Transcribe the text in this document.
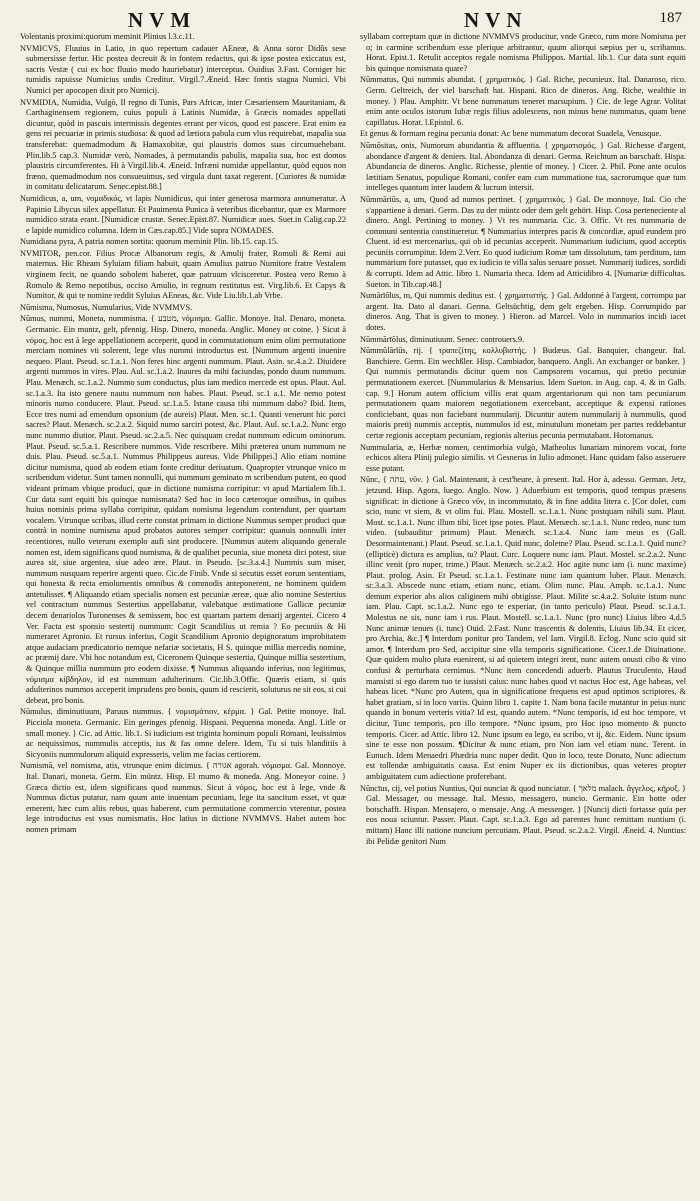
NVM	NVN	187

Volentanis proximi:quorum meminit Plinius l.3.c.11.

NVMICVS, Fluuius in Latio, in quo repertum cadauer AEneæ, & Anna soror Didûs sese submersisse fertur. Hic postea decreuit & in fontem redactus, qui & ipse postea exiccatus est, sacris Vestæ ( cui ex hoc fluuio modo hauriebatur) interceptus. Ouidius 3.Fast. Corniger hic tumidis rapuisse Numicius undis Creditur. Virgil.7.Æneid. Hæc fontis stagna Numici. Vbi Numici per apocopen dixit pro Numicij.

NVMIDIA, Numidia, Vulgò, Il regno di Tunis, Pars Africæ, inter Cæsariensem Mauritaniam, & Carthaginensem regionem, cuius populi à Latinis Numidæ, à Græcis nomades appellati dicuntur, quòd in pascuis intermissis degentes errant per vicos, quod est pascere. Erat enim ea gens rei pecuariæ in primis studiosa: & quod ad lætiora pabula cum vlus requirebat, mapalia sua transferebat: quemadmodum & Hamaxobitæ, qui plaustris domos suas circumuehebant. Plin.lib.5 cap.3. Numidæ verò, Nomades, à permutandis pabulis, mapalia sua, hoc est domos plaustris circumferentes. Hi à Virgil.lib.4. Æneid. Infræni numidæ appellantur, quòd equos non fræno, quemadmodum nos consueuimus, sed virgula dunt taxat regerent. [Curiores & numidæ in comitatu delicatarum. Senec.epist.88.]

Numidicus, a, um, νομαδικός, vt lapis Numidicus, qui inter generosa marmora annumeratur. A Papinio Libycus silex appellatur. Et Pauimenta Punica à veteribus dicebantur, quæ ex Marmore numidico strata erant. [Numidicæ crustæ. Senec.Epist.87. Numidicæ aues. Suet.in Calig.cap.22 e lapide numidico columna. Idem in Cæs.cap.85.] Vide supra NOMADES.

Numidiana pyra, A patria nomen sortita: quorum meminit Plin. lib.15. cap.15.

NVMITOR, pen.cor. Filius Procæ Albanorum regis, & Amulij frater, Romuli & Remi aui maternus. Hic Rheam Syluiam filiam habuit, quam Amulius patruo Numitore fratre Vestalem virginem fecit, ne quando sobolem haberet, quæ patruum vlcisceretur. Postea vero Remo à Romulo & Remo nepotibus, occiso Amulio, in regnum restitutus est. Virg.lib.6. Et Capys & Numitor, & qui te nomine reddit Syluius AEneas, &c. Vide Liu.lib.1.ab Vrbe.

Nūmisma, Numosus, Numularius, Vide NVMMVS.

Nūmus, nummi, Moneta, nummisma. { מטבע, νόμισμα. Gallic. Monoye. Ital. Denaro, moneta. Germanic. Ein muntz, gelt, pfennig. Hisp. Dinero, moneda. Anglic. Money or coine. } Sicut à νόμος, hoc est à lege appellationem acceperit, quod in commutationum enim olim permutatione merciam nomines vti solerent, lege vlus nummi introductus est. [Nummum argenti inuenire nequeo. Plaut. Pseud. sc.1.a.1. Non feres hinc argenti nummum. Plaut. Asin. sc.4.a.2. Diuidere argenti nummos in vires. Plau. Aul. sc.1.a.2. Inaures da mihi faciundas, pondo duum nummum. Plau. Menæch. sc.1.a.2. Nummo sum conductus, plus iam medico mercede est opus. Plaut. Aul. sc.1.a.3. Ita isto genere nautu nummum non habes. Plaut. Pseud. sc.1 a.1. Me nemo potest minoris numo conducere. Plaut. Pseud. sc.1.a.5. Istane causa tibi nummum dabo? Ibid. Item, Ecce tres numi ad emendum opsonium (de aureis) Plaut. Men. sc.1. Quanti venerunt hic porci sacres? Plaut. Menæch. sc.2.a.2. Siquid numo sarciri potest, &c. Plaut. Aul. sc.1.a.2. Nunc ergo nunc nummo diutior. Plaut. Pseud. sc.2.a.5. Nec quisquam credat nummum edicum ominorum. Plaut. Pseud. sc.5.a.1. Rescribere nummos. Vide rescribere. Mihi præterea unum nummum ne duis. Plau. Pseud. sc.5.a.1. Nummus Philippeus aureus. Vide Philippei.] Alio etiam nomine dicitur numisma, quod ab eodem etiam fonte creditur deriuatum. Quapropter vtrunque vnico m scribendum videtur. Sunt tamen nonnulli, qui nummum geminato m scribendum putent, eo quod videant primam vbique produci, quæ in dictione numisma corripitur: vt apud Martialem lib.1. Cur data sunt equiti bis quinque numismata? Sed hoc in loco cæteroque omnibus, in quibus huius nominis prima syllaba corripitur, quidam nomisma legendum contendunt, per quartam vocalem. Vtrunque scribas, illud certe constat primam in dictione Nummus semper produci quæ contrà in nomine numisma apud probatos autores semper corripitur: quanuis nonnulli inter recentiores, nullo veterum exemplo aufi sint producere. [Nummus autem aliquando generale nomen est, idem significans quod numisma, & de qualibet pecunia, siue moneta dici potest, siue aurea sit, siue argentea, siue adeo ære. Plaut. in Pseudo. [sc.3.a.4.] Nummis sum miser, nummum nusquam reperire argenti queo. Cic.de Finib. Vnde si secutus esset eorum sententiam, qui honesta & recta emolumentis omnibus & commodis anteponerent, ne hominem quidem antetulisset. ¶ Aliquando etiam specialis nomen est pecuniæ æreæ, quæ alio nomine Sestertius vel contractum nummus Sestertius appellabatur, valebatque æstimatione Gallicæ pecuniæ decem denariolos Turonenses & semissem, hoc est quartam partem denarij argentei. Cicero 4 Ver. Facta est sponsio sestertij nummum: Cogit Scandilius ut remia ? Eo pecuniis & Hi numeraret Apronio. Et rursus inferius, Cogit Scandilium Apronio depignoratum improbitatem atque audaciam prædicatorio nemque nefariæ societatis, H S. quinque millia mercedis nomine, ac præmij dare. Vbi hoc notandum est, Ciceronem Quinque sestertia, Quinque millia sestertium, & Quinque millia nummum pro eodem dixisse. ¶ Nummus aliquando inferius, non legitimus, νόμισμα κίβδηλον, id est nummum adulterinum. Cic.lib.3.Offic. Quæris etiam, si quis adulterinos nummos acceperit imprudens pro bonis, quum id rescierit, soluturus ne sit eos, si cui debeat, pro bonis.

Nūmulus, diminutiuum, Paruus nummus. { νομισμάτιον, κέρμα. } Gal. Petite monoye. Ital. Picciola moneta. Germanic. Ein geringes pfennig. Hispani. Pequenna moneda. Angl. Litle or small money. } Cic. ad Attic. lib.1. Si iudicium est triginta hominum populi Romani, leuissimos ac nequissimos, nummulis acceptis, ius & fas omne delere. Idem, Tu si tuis blanditiis à Sicyoniis nummulorum aliquid expresseris, velim me facias certiorem.

Numismā, vel nomisma, atis, vtrunque enim dicimus. { אגורה agorah. νόμισμα. Gal. Monnoye. Ital. Danari, moneta. Germ. Ein müntz. Hisp. El mumo & moneda. Ang. Moneyor coine. } Græca dictio est, idem significans quod nummus. Sicut à νόμος, hoc est à lege, vnde & Nummus dictus putatur, nam quum ante inuentam pecuniam, lege ita sancitum esset, vt quæ emerent, hæc cum aliis rebus, quas haberent, cum permutatione commercio vterentur, postea lege introductus est vsus numismatis. Hoc latius in dictione NVMMVS. Habet autem hoc nomen primam

syllabam correptam quæ in dictione NVMMVS producitur, vnde Græco, rum more Nomisma per o; in carmine scribendum esse plerique arbitrantur, quum aliorqui sæpius per u, scribamus. Horat. Epist.1. Retulit acceptos regale nomisma Philippos. Martial. lib.1. Cur data sunt equiti bis quinque nomismata quare?

Nūmmatus, Qui nummis abundat. { χρηματικός. } Gal. Riche, pecunieux. Ital. Danaroso, rico. Germ. Geltreich, der viel barschaft hat. Hispani. Rico de dineros. Ang. Riche, wealthie in money. } Plau. Amphitr. Vt bene nummatum teneret marsupium. } Cic. de lege Agrar. Volitat enim ante oculos istorum Iubæ regis filius adolescens, non minus bene nummatus, quam bene capillatus. Horat. l.Epistol. 6.

Et genus & formam regina pecunia donat: Ac bene nummatum decorat Suadela, Venusque.

Nūmōsitas, onis, Numorum abundantia & affluentia. { χρηματισμός. } Gal. Richesse d'argent, abondance d'argent & deniers. Ital. Abondanza di denari. Germa. Reichtum an barschaft. Hispa. Abundancia de dineros. Anglic. Richesse, plentie of money. } Cicer. 2. Phil. Pone ante oculos lætitiam Senatus, populique Romani, confer eam cum nummatione tua, sacrorumque quæ tum intelleges quantum inter laudem & lucrum intersit.

Nūmmāriūs, a, um, Quod ad numos pertinet. { χρηματικός. } Gal. De monnoye. Ital. Cio che s'appartiene à denari. Germ. Das zu der müntz oder dem gelt gehört. Hisp. Cosa perteneciente al dinero. Angl. Pertining to money. } Vt res nummaria. Cic. 3. Offic. Vt res nummaria de communi sententia constitueretur. ¶ Nummarius interpres pacis & concordiæ, apud eundem pro Cluent. id est mercenarius, qui ob id pecunias acceperit. Nummarium iudicium, quod acceptis pecuniis corrumpitur. Idem 2.Verr. Eo quod iudicium Romæ tam dissolutum, tam perditum, tam nummarium fore putasset, quo ex iudicio te villa salus seruare posset. Nummarij iudices, sordidi & corrupti. Idem ad Attic. libro 1. Numaria theca. Idem ad Atticidibro 4. [Numariæ difficultas. Sueton. in Tib.cap.48.]

Numārīŏlus, m, Qui nummis deditus est. { χρηματιστής. } Gal. Addonné à l'argent, corrompu par argent. Ita. Dato al danari. Germa. Geltsüchtig, dem gelt ergeben. Hisp. Corrumpido par dineros. Ang. That is given to money. } Hieron. ad Marcel. Volo in nummarios incidi iacet dotes.

Nūmmārīŏlus, diminutiuum. Senec. controuers.9.

Nūmmŭlārĭūs, rij. { τραπεζίτης, κολλυβιστής. } Budæus. Gal. Banquier, changeur. Ital. Banchiere. Germ. Ein wechßler. Hisp. Cambiador, banquero. Angli. An exchanger or banker. } Qui nummis permutandis dicitur quem nos Campsorem vocamus, qui pretio pecuniæ permutationem exercet. [Nummularius & Mensarius. Idem Sueton. in Aug. cap. 4. & in Galb. cap. 9.] Horum autem officium villis erat quam argentariorum qui non tam pecuniarum permutationem quam maiorem negotiationem exercebant, acceptique & expensi rationes conficiebant, quas non faciebant nummularij. Dicuntur autem nummularij à nummulis, quod maioris pretij nummis acceptis, nummulos id est, minutulum monetam per partes reddebantur certæ regionis acceptam pecuniam, regionis alterius pecunia permutabant. Hotomanus.

Nummularia, æ, Herbæ nomen, centimorbia vulgò, Matheolus lunariam minorem vocat, forte echicos altera Plinij pulegio similis. vt Gesnerus in Iulio admonet. Hanc quidam falso asseruere esse putant.

Nŭnc, { עתה, νῦν. } Gal. Maintenant, à cest'heure, à present. Ital. Hor à, adesso. German. Jetz, jetzund. Hisp. Agora, luego. Anglo. Now. } Aduerbium est temporis, quod tempus præsens significat: in dictione à Græco νῦν, in incommutato, & in fine addita litera c. [Cor dolet, cum scio, nunc vt siem, & vt olim fui. Plau. Mostell. sc.1.a.1. Nunc postquam nihili sum. Plaut. Most. sc.1.a.1. Nunc illum tibi, licet ipse potes. Plaut. Menæch. sc.1.a.1. Nunc redeo, nunc tum video. (subauditur primum) Plaut. Menæch. sc.1.a.4. Nunc iam meus es (Gall. Desormaintenant.) Plaut. Pseud. sc.1.a.1. Quid nunc, doletne? Plau. Pseud. sc.1.a.1. Quid nunc? (ellipticè) dictura es amplius, tu? Plaut. Curc. Loquere nunc iam. Plaut. Mostel. sc.2.a.2. Nunc illinc venit (pro nuper, trime.) Plaut. Menæch. sc.2.a.2. Hoc agite nunc iam (i. nunc maxime) Plaut. prolog. Asin. Et Pseud. sc.1.a.1. Festinate nunc iam quantum luber. Plaut. Menæch. sc.3.a.3. Abscede nunc etiam, etiam nunc, etiam. Olim nunc. Plau. Amph. sc.1.a.1. Nunc demum experior abs alios caliginem mihi obtigisse. Plaut. Milite sc.4.a.2. Soluite istum nunc iam. Plau. Capt. sc.1.a.2. Nunc ego te experiar, (in tanto periculo) Plaut. Pseud. sc.1.a.1. Molestus ne sis, nunc iam i rus. Plaut. Mostell. sc.1.a.1. Nunc (pro nunc) Liuius libro 4.d.5 Nunc animæ tenues (i. tunc) Ouid. 2.Fast. Nunc trascentis & dolentis, Liuius lib.34. Et cicer, pro Archia, &c.] ¶ Interdum ponitur pro Tandem, vel Iam. Virgil.8. Eclog. Nunc scio quid sit amor. ¶ Interdum pro Sed, accipitur sine vlla temporis significatione. Cicer.1.de Diuinatione. Quæ quidem multo plura euenirent, si ad quietem integri irent, nunc autem onusti cibo & vino confusi & perturbata cernimus. *Nunc item concedendi aduerb. Plautus Truculento, Haud mansisti si ego darem tuo te iussisti caius: nunc habes quod vt nactus Hoc est, Age habeas, vel habeas licet. *Nunc pro Autem, qua in significatione frequens est apud optimos scriptores, & habet gratiam, si in loco variis. Quinn libro 1. capite 1. Nam bona facile mutantur in peius nunc quando in bonum verteris vitia? Id est, quando autem. *Nunc temporis, id est hoc tempore, vt dicitur, Tunc temporis, pro illo tempore. *Nunc ipsum, pro Hoc ipso momento & puncto temporis. Cicer. ad Attic. libro 12. Nunc ipsum ea lego, ea scribo, vt ij, &c. Eidem. Nunc ipsum sine te esse non possum. ¶Dicitur & nunc etiam, pro Non iam vel etiam nunc. Terent. in Eunuch. Idem Menaedri Phædria nunc nuper dedit. Quo in loco, teste Donato, Nunc adiectum est tollendæ ambiguitatis causa. Est enim Nuper ex iis dictionibus, quas veteres propter ambiguitatem cum adiectione proferebant.

Nŭncīus, cij, vel potius Nuntius, Qui nunciat & quod nunciatur. { מלאך malach. ἄγγελος, κῆρυξ. } Gal. Messager, ou message. Ital. Messo, messagero, nuncio. Germanic. Ein botte oder botschafft. Hispan. Mensajero, o mensaje. Ang. A messenger. } [Nuncij dicti fortasse quia per eos noua sciuntur. Passer. Plaut. Capt. sc.1.a.3. Ego ad parentes hunc remittam nuntium (i. mittam) Hanc illi natione nuncium percutiam. Plaut. Pseud. sc.2.a.2. Virgil. Æneid. 4. Nuntius: ibi Pelidæ genitori Num
